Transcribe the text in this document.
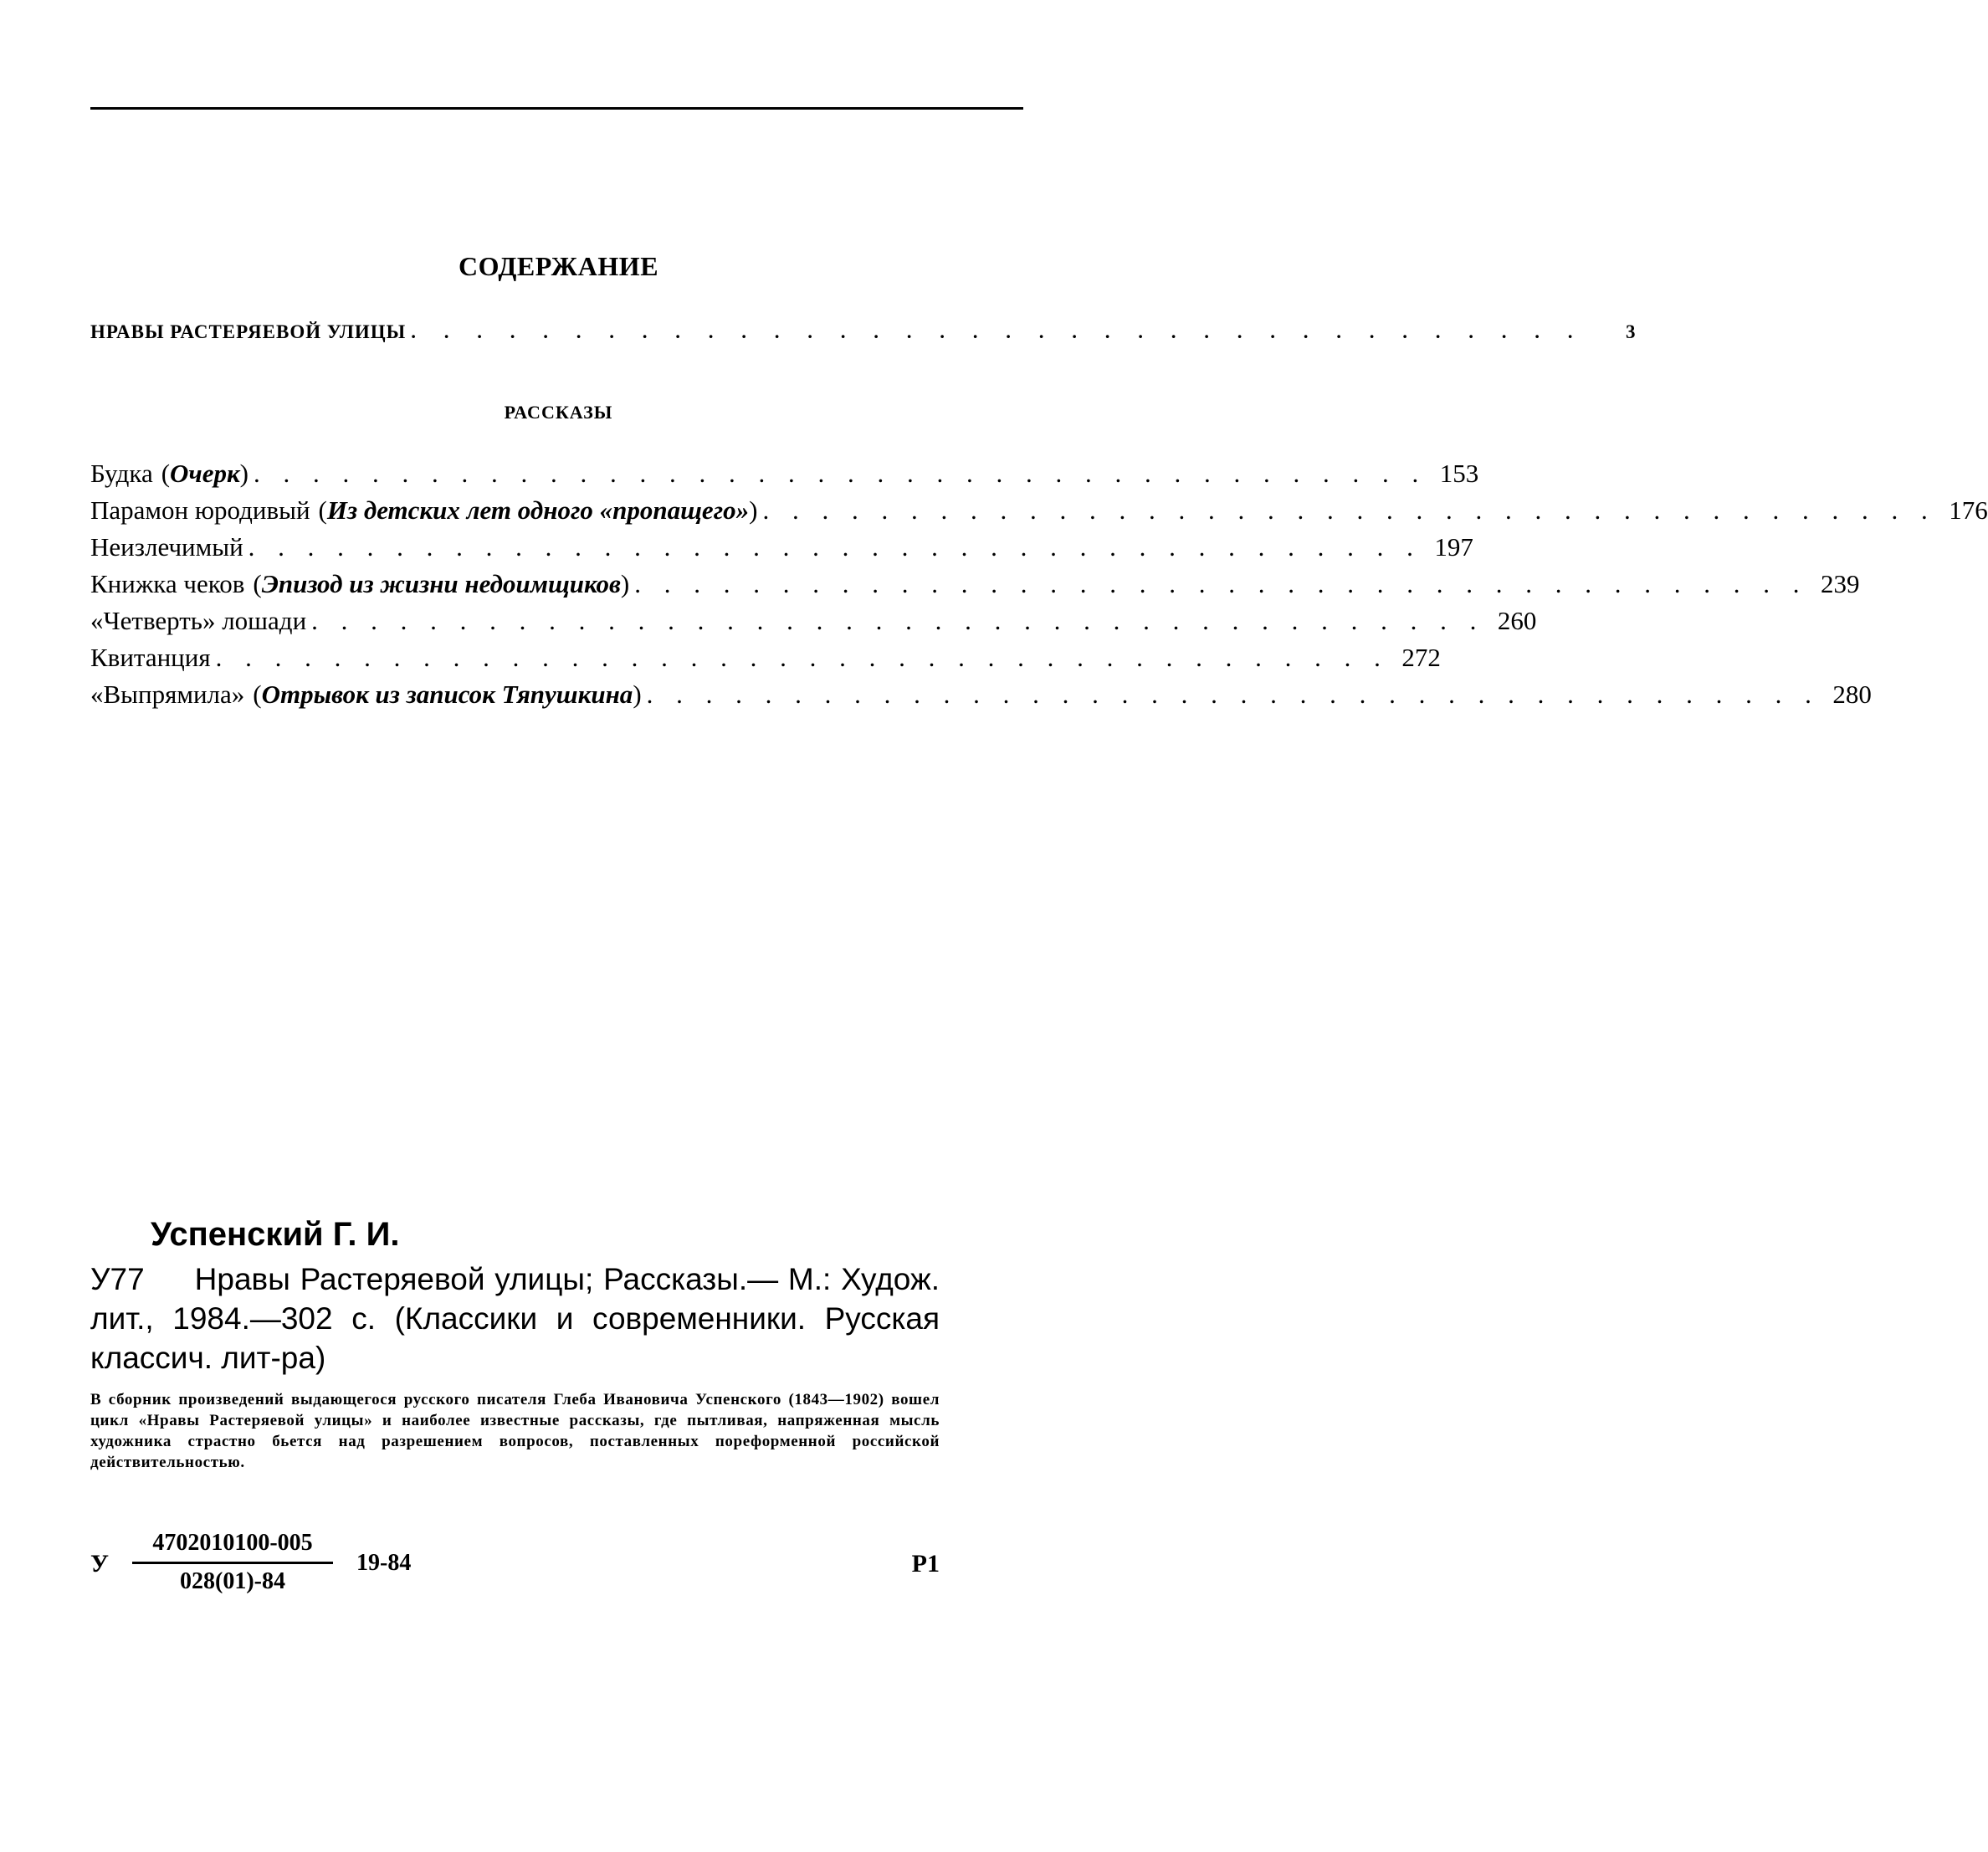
СОДЕРЖАНИЕ
НРАВЫ РАСТЕРЯЕВОЙ УЛИЦЫ . . . . . . . . . . . . . . . . . . . . . . . . . . . . . . . . . . . .	3
РАССКАЗЫ
Будка (Очерк) . . . . . . . . . . . . . . . . . . . . . . . . . . . . . . . . . . . . . . . . 153
Парамон юродивый (Из детских лет одного «пропащего») . . . . . . . . . . . . . . . . . . . . . . . . . . . . . . . . . . . . . . . . 176
Неизлечимый . . . . . . . . . . . . . . . . . . . . . . . . . . . . . . . . . . . . . . . . 197
Книжка чеков (Эпизод из жизни недоимщиков) . . . . . . . . . . . . . . . . . . . . . . . . . . . . . . . . . . . . . . . . 239
«Четверть» лошади . . . . . . . . . . . . . . . . . . . . . . . . . . . . . . . . . . . . . . . . 260
Квитанция . . . . . . . . . . . . . . . . . . . . . . . . . . . . . . . . . . . . . . . . 272
«Выпрямила» (Отрывок из записок Тяпушкина) . . . . . . . . . . . . . . . . . . . . . . . . . . . . . . . . . . . . . . . . 280
Успенский Г. И.
У77 Нравы Растеряевой улицы; Рассказы.— М.: Худож. лит., 1984.—302 с. (Классики и современники. Русская классич. лит-ра)
В сборник произведений выдающегося русского писателя Глеба Ивановича Успенского (1843—1902) вошел цикл «Нравы Растеряевой улицы» и наиболее известные рассказы, где пытливая, напряженная мысль художника страстно бьется над разрешением вопросов, поставленных пореформенной российской действительностью.
У
4702010100-005
028(01)-84
19-84	Р1
